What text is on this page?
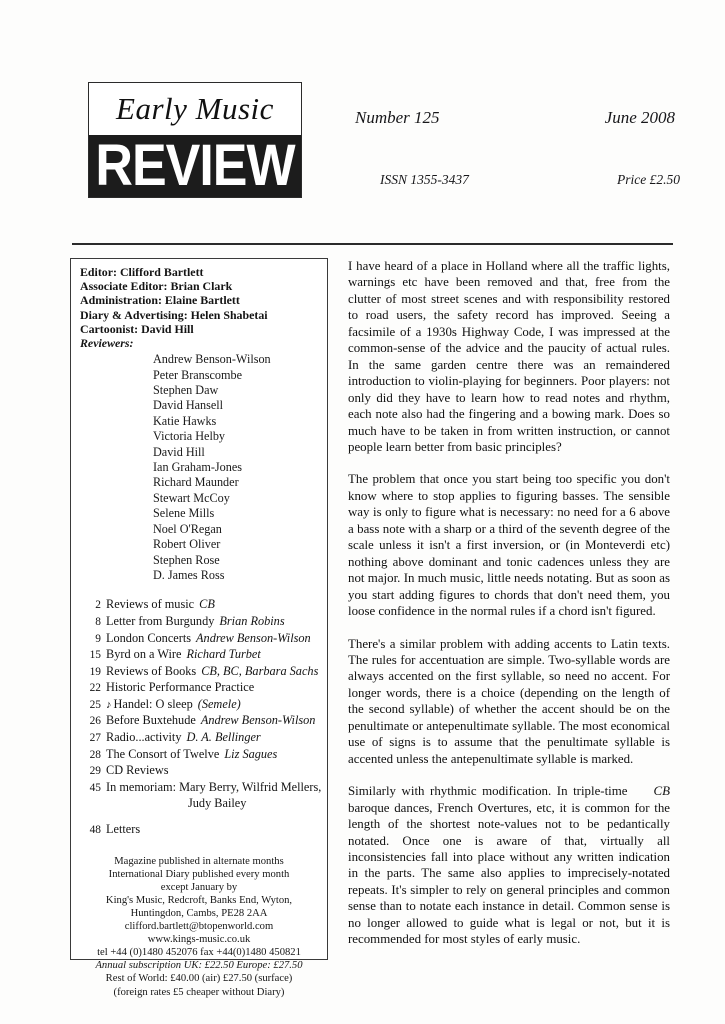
Early Music
REVIEW
Number 125	June 2008
ISSN 1355-3437	Price £2.50
Editor: Clifford Bartlett
Associate Editor: Brian Clark
Administration: Elaine Bartlett
Diary & Advertising: Helen Shabetai
Cartoonist: David Hill
Reviewers:
Andrew Benson-Wilson
Peter Branscombe
Stephen Daw
David Hansell
Katie Hawks
Victoria Helby
David Hill
Ian Graham-Jones
Richard Maunder
Stewart McCoy
Selene Mills
Noel O'Regan
Robert Oliver
Stephen Rose
D. James Ross
2 Reviews of music CB
8 Letter from Burgundy Brian Robins
9 London Concerts Andrew Benson-Wilson
15 Byrd on a Wire Richard Turbet
19 Reviews of Books CB, BC, Barbara Sachs
22 Historic Performance Practice
25 ♪ Handel: O sleep (Semele)
26 Before Buxtehude Andrew Benson-Wilson
27 Radio...activity D. A. Bellinger
28 The Consort of Twelve Liz Sagues
29 CD Reviews
45 In memoriam: Mary Berry, Wilfrid Mellers,
Judy Bailey
48 Letters
Magazine published in alternate months
International Diary published every month
except January by
King's Music, Redcroft, Banks End, Wyton,
Huntingdon, Cambs, PE28 2AA
clifford.bartlett@btopenworld.com
www.kings-music.co.uk
tel +44 (0)1480 452076 fax +44(0)1480 450821
Annual subscription UK: £22.50 Europe: £27.50
Rest of World: £40.00 (air) £27.50 (surface)
(foreign rates £5 cheaper without Diary)

I have heard of a place in Holland where all the traffic lights, warnings etc have been removed and that, free from the clutter of most street scenes and with responsibility restored to road users, the safety record has improved. Seeing a facsimile of a 1930s Highway Code, I was impressed at the common-sense of the advice and the paucity of actual rules. In the same garden centre there was an remaindered introduction to violin-playing for beginners. Poor players: not only did they have to learn how to read notes and rhythm, each note also had the fingering and a bowing mark. Does so much have to be taken in from written instruction, or cannot people learn better from basic principles?

The problem that once you start being too specific you don't know where to stop applies to figuring basses. The sensible way is only to figure what is necessary: no need for a 6 above a bass note with a sharp or a third of the seventh degree of the scale unless it isn't a first inversion, or (in Monteverdi etc) nothing above dominant and tonic cadences unless they are not major. In much music, little needs notating. But as soon as you start adding figures to chords that don't need them, you loose confidence in the normal rules if a chord isn't figured.

There's a similar problem with adding accents to Latin texts. The rules for accentuation are simple. Two-syllable words are always accented on the first syllable, so need no accent. For longer words, there is a choice (depending on the length of the second syllable) of whether the accent should be on the penultimate or antepenultimate syllable. The most economical use of signs is to assume that the penultimate syllable is accented unless the antepenultimate syllable is marked.

CB
Similarly with rhythmic modification. In triple-time baroque dances, French Overtures, etc, it is common for the length of the shortest note-values not to be pedantically notated. Once one is aware of that, virtually all inconsistencies fall into place without any written indication in the parts. The same also applies to imprecisely-notated repeats. It's simpler to rely on general principles and common sense than to notate each instance in detail. Common sense is no longer allowed to guide what is legal or not, but it is recommended for most styles of early music.
